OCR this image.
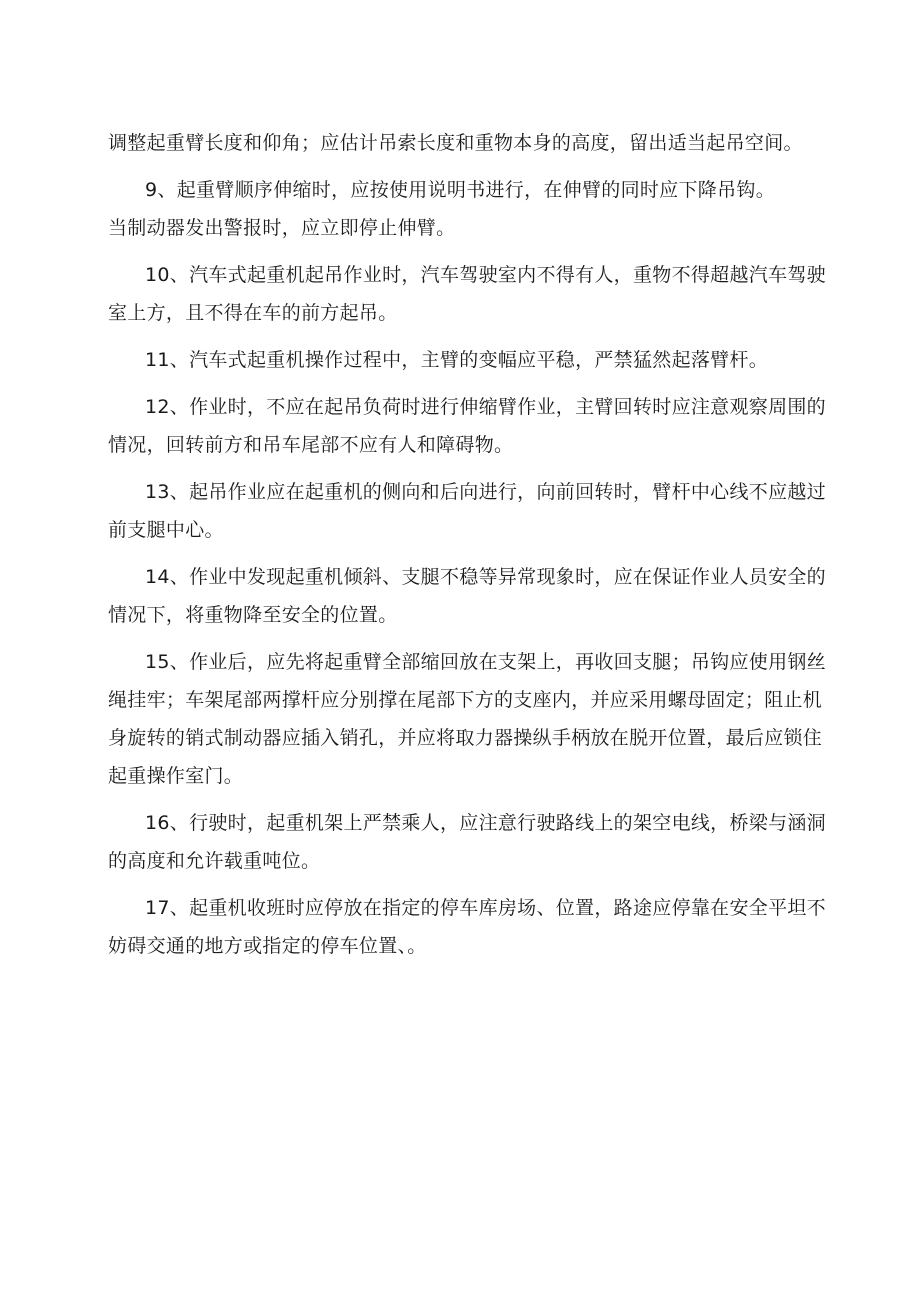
调整起重臂长度和仰角；应估计吊索长度和重物本身的高度，留出适当起吊空间。

9、起重臂顺序伸缩时，应按使用说明书进行，在伸臂的同时应下降吊钩。
当制动器发出警报时，应立即停止伸臂。

10、汽车式起重机起吊作业时，汽车驾驶室内不得有人，重物不得超越汽车驾驶室上方，且不得在车的前方起吊。

11、汽车式起重机操作过程中，主臂的变幅应平稳，严禁猛然起落臂杆。

12、作业时，不应在起吊负荷时进行伸缩臂作业，主臂回转时应注意观察周围的情况，回转前方和吊车尾部不应有人和障碍物。

13、起吊作业应在起重机的侧向和后向进行，向前回转时，臂杆中心线不应越过前支腿中心。

14、作业中发现起重机倾斜、支腿不稳等异常现象时，应在保证作业人员安全的情况下，将重物降至安全的位置。

15、作业后，应先将起重臂全部缩回放在支架上，再收回支腿；吊钩应使用钢丝绳挂牢；车架尾部两撑杆应分别撑在尾部下方的支座内，并应采用螺母固定；阻止机身旋转的销式制动器应插入销孔，并应将取力器操纵手柄放在脱开位置，最后应锁住起重操作室门。

16、行驶时，起重机架上严禁乘人，应注意行驶路线上的架空电线，桥梁与涵洞的高度和允许载重吨位。

17、起重机收班时应停放在指定的停车库房场、位置，路途应停靠在安全平坦不妨碍交通的地方或指定的停车位置、。
